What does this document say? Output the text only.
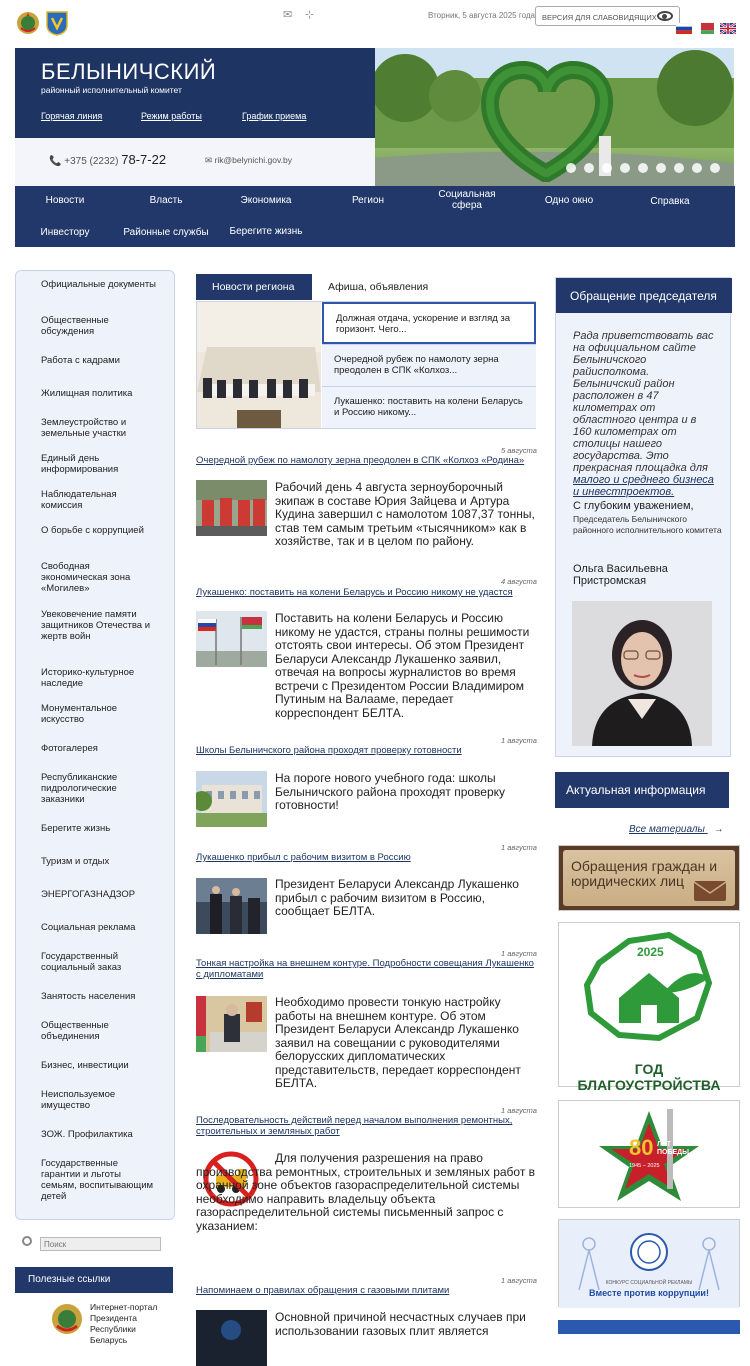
✉ ⊹	Вторник, 5 августа 2025 года ВЕРСИЯ ДЛЯ СЛАБОВИДЯЩИХ
БЕЛЫНИЧСКИЙ
районный исполнительный комитет
Горячая линия	Режим работы	График приема
📞 +375 (2232) 78-7-22	✉ rik@belynichi.gov.by
Новости	Власть	Экономика	Регион
Социальная сфера	Одно окно	Справка
Инвестору	Районные службы	Берегите жизнь
Официальные документы
Общественные обсуждения
Работа с кадрами
Жилищная политика
Землеустройство и земельные участки
Единый день информирования
Наблюдательная комиссия
О борьбе с коррупцией
Свободная экономическая зона «Могилев»
Увековечение памяти защитников Отечества и жертв войн
Историко-культурное наследие
Монументальное искусство
Фотогалерея
Республиканские пидрологические заказники
Берегите жизнь
Туризм и отдых
ЭНЕРГОГАЗНАДЗОР
Социальная реклама
Государственный социальный заказ
Занятость населения
Общественные объединения
Бизнес, инвестиции
Неиспользуемое имущество
ЗОЖ. Профилактика
Государственные гарантии и льготы семьям, воспитывающим детей
Поиск
Полезные ссылки
Интернет-портал Президента Республики Беларусь
Новости региона	Афиша, объявления
Должная отдача, ускорение и взгляд за горизонт. Чего...
Очередной рубеж по намолоту зерна преодолен в СПК «Колхоз...
Лукашенко: поставить на колени Беларусь и Россию никому...
5 августа
Очередной рубеж по намолоту зерна преодолен в СПК «Колхоз «Родина»

Рабочий день 4 августа зерноуборочный экипаж в составе Юрия Зайцева и Артура Кудина завершил с намолотом 1087,37 тонны, став тем самым третьим «тысячником» как в хозяйстве, так и в целом по району.

4 августа
Лукашенко: поставить на колени Беларусь и Россию никому не удастся

Поставить на колени Беларусь и Россию никому не удастся, страны полны решимости отстоять свои интересы. Об этом Президент Беларуси Александр Лукашенко заявил, отвечая на вопросы журналистов во время встречи с Президентом России Владимиром Путиным на Валааме, передает корреспондент БЕЛТА.

1 августа
Школы Белыничского района проходят проверку готовности

На пороге нового учебного года: школы Белыничского района проходят проверку готовности!

1 августа
Лукашенко прибыл с рабочим визитом в Россию

Президент Беларуси Александр Лукашенко прибыл с рабочим визитом в Россию, сообщает БЕЛТА.

1 августа
Тонкая настройка на внешнем контуре. Подробности совещания Лукашенко с дипломатами

Необходимо провести тонкую настройку работы на внешнем контуре. Об этом Президент Беларуси Александр Лукашенко заявил на совещании с руководителями белорусских дипломатических представительств, передает корреспондент БЕЛТА.

1 августа
Последовательность действий перед началом выполнения ремонтных, строительных и земляных работ

Для получения разрешения на право производства ремонтных, строительных и земляных работ в охранной зоне объектов газораспределительной системы необходимо направить владельцу объекта газораспределительной системы письменный запрос с указанием:

1 августа
Напоминаем о правилах обращения с газовыми плитами

Основной причиной несчастных случаев при использовании газовых плит является

Обращение председателя
Рада приветствовать вас на официальном сайте Белыничского райисполкома. Белыничский район расположен в 47 километрах от областного центра и в 160 километрах от столицы нашего государства. Это прекрасная площадка для малого и среднего бизнеса и инвестпроектов.
С глубоким уважением,
Председатель Белыничского районного исполнительного комитета
Ольга Васильевна Пристромская
Актуальная информация
Все материалы →
Обращения граждан и юридических лиц
2025
ГОД БЛАГОУСТРОЙСТВА
80 ЛЕТ ПОБЕДЫ
1945 – 2025
КОНКУРС СОЦИАЛЬНОЙ РЕКЛАМЫ
Вместе против коррупции!
